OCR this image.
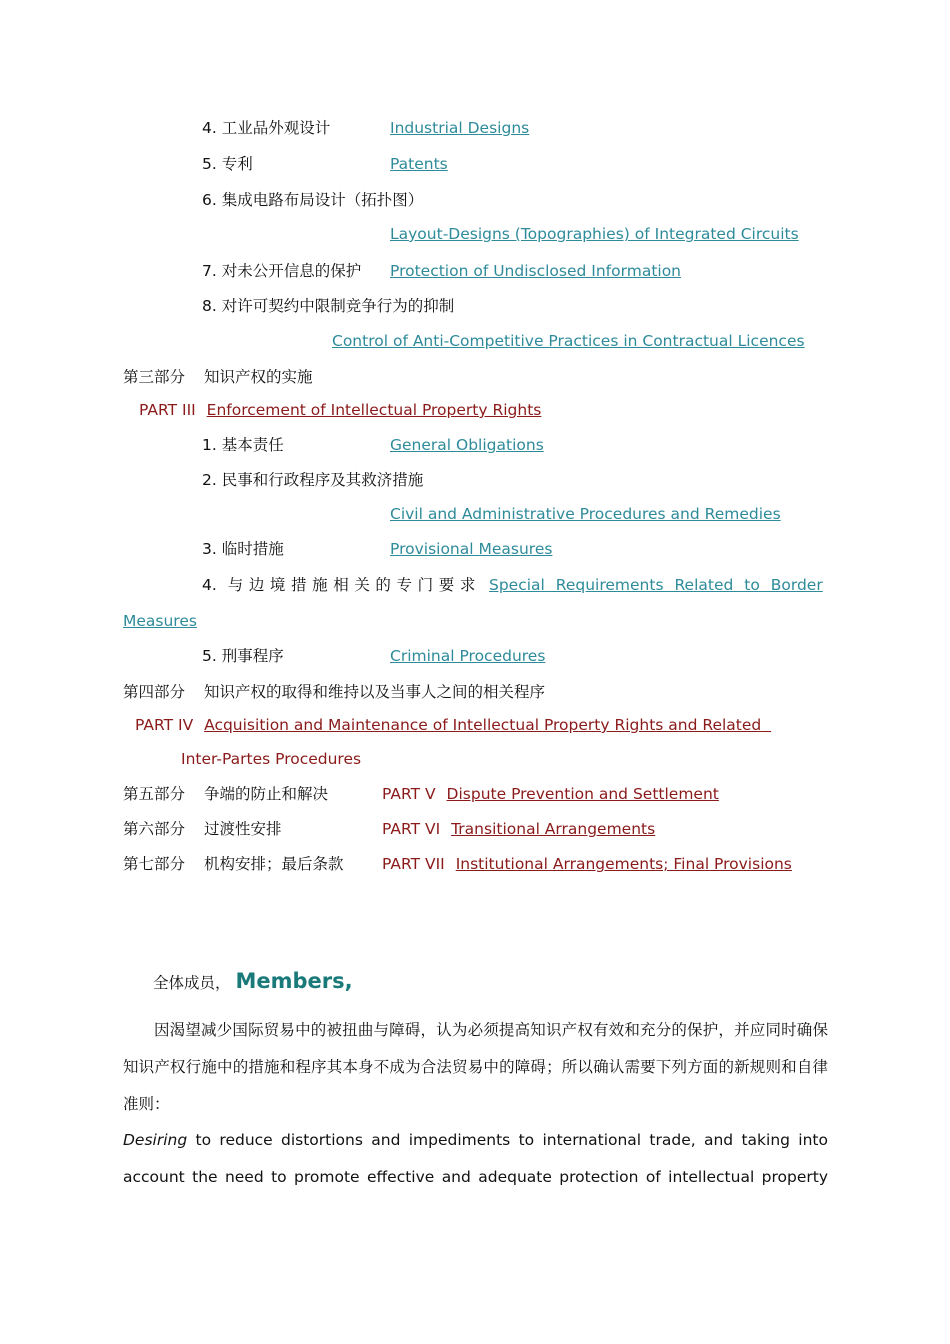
4. 工业品外观设计	Industrial Designs
5. 专利	Patents
6. 集成电路布局设计（拓扑图）
Layout-Designs (Topographies) of Integrated Circuits
7. 对未公开信息的保护 Protection of Undisclosed Information
8. 对许可契约中限制竞争行为的抑制
Control of Anti-Competitive Practices in Contractual Licences
第三部分 知识产权的实施
PART III Enforcement of Intellectual Property Rights
1. 基本责任	General Obligations
2. 民事和行政程序及其救济措施
Civil and Administrative Procedures and Remedies
3. 临时措施	Provisional Measures
4. 与边境措施相关的专门要求 Special Requirements Related to Border
Measures
5. 刑事程序	Criminal Procedures
第四部分 知识产权的取得和维持以及当事人之间的相关程序
PART IV Acquisition and Maintenance of Intellectual Property Rights and Related
Inter-Partes Procedures
第五部分 争端的防止和解决	PART V Dispute Prevention and Settlement
第六部分 过渡性安排	PART VI Transitional Arrangements
第七部分 机构安排；最后条款 PART VII Institutional Arrangements; Final Provisions
全体成员， Members,

因渴望减少国际贸易中的被扭曲与障碍，认为必须提高知识产权有效和充分的保护，并应同时确保知识产权行施中的措施和程序其本身不成为合法贸易中的障碍；所以确认需要下列方面的新规则和自律准则：

Desiring to reduce distortions and impediments to international trade, and taking into account the need to promote effective and adequate protection of intellectual property
